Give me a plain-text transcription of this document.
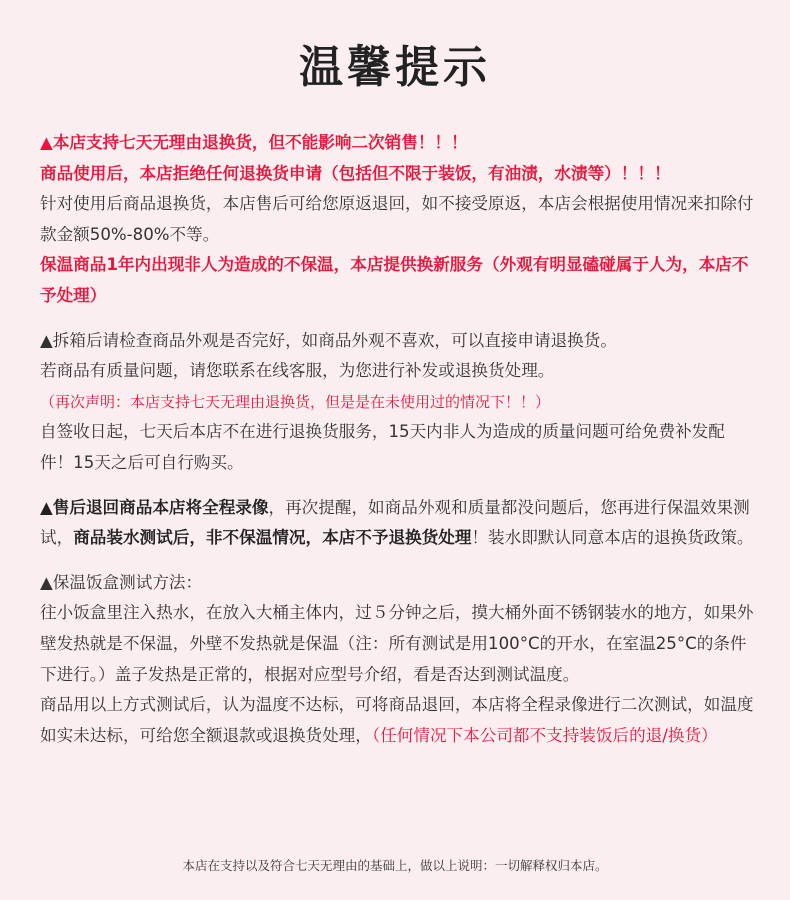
温馨提示

▲本店支持七天无理由退换货，但不能影响二次销售！！！

商品使用后，本店拒绝任何退换货申请（包括但不限于装饭，有油渍，水渍等）！！！

针对使用后商品退换货，本店售后可给您原返退回，如不接受原返，本店会根据使用情况来扣除付款金额50%-80%不等。

保温商品1年内出现非人为造成的不保温，本店提供换新服务（外观有明显磕碰属于人为，本店不予处理）

▲拆箱后请检查商品外观是否完好，如商品外观不喜欢，可以直接申请退换货。

若商品有质量问题，请您联系在线客服，为您进行补发或退换货处理。

（再次声明：本店支持七天无理由退换货，但是是在未使用过的情况下！！）

自签收日起，七天后本店不在进行退换货服务，15天内非人为造成的质量问题可给免费补发配件！15天之后可自行购买。

▲售后退回商品本店将全程录像，再次提醒，如商品外观和质量都没问题后，您再进行保温效果测试，商品装水测试后，非不保温情况，本店不予退换货处理！装水即默认同意本店的退换货政策。

▲保温饭盒测试方法：

往小饭盒里注入热水，在放入大桶主体内，过５分钟之后，摸大桶外面不锈钢装水的地方，如果外壁发热就是不保温，外壁不发热就是保温（注：所有测试是用100°C的开水，在室温25°C的条件下进行。）盖子发热是正常的，根据对应型号介绍，看是否达到测试温度。

商品用以上方式测试后，认为温度不达标，可将商品退回，本店将全程录像进行二次测试，如温度如实未达标，可给您全额退款或退换货处理，（任何情况下本公司都不支持装饭后的退/换货）

本店在支持以及符合七天无理由的基础上，做以上说明：一切解释权归本店。
